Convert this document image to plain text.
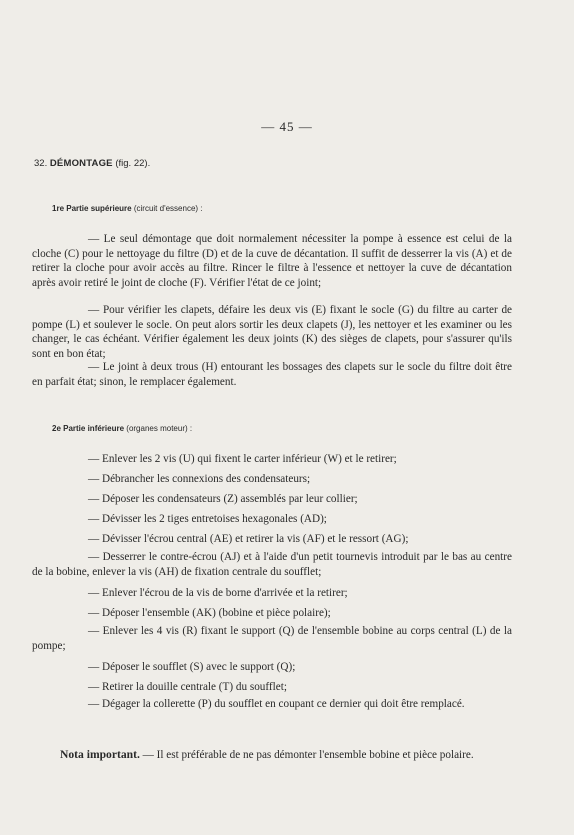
— 45 —
32. DÉMONTAGE (fig. 22).
1re Partie supérieure (circuit d'essence) :
— Le seul démontage que doit normalement nécessiter la pompe à essence est celui de la cloche (C) pour le nettoyage du filtre (D) et de la cuve de décantation. Il suffit de desserrer la vis (A) et de retirer la cloche pour avoir accès au filtre. Rincer le filtre à l'essence et nettoyer la cuve de décantation après avoir retiré le joint de cloche (F). Vérifier l'état de ce joint;
— Pour vérifier les clapets, défaire les deux vis (E) fixant le socle (G) du filtre au carter de pompe (L) et soulever le socle. On peut alors sortir les deux clapets (J), les nettoyer et les examiner ou les changer, le cas échéant. Vérifier également les deux joints (K) des sièges de clapets, pour s'assurer qu'ils sont en bon état;
— Le joint à deux trous (H) entourant les bossages des clapets sur le socle du filtre doit être en parfait état; sinon, le remplacer également.
2e Partie inférieure (organes moteur) :
— Enlever les 2 vis (U) qui fixent le carter inférieur (W) et le retirer;
— Débrancher les connexions des condensateurs;
— Déposer les condensateurs (Z) assemblés par leur collier;
— Dévisser les 2 tiges entretoises hexagonales (AD);
— Dévisser l'écrou central (AE) et retirer la vis (AF) et le ressort (AG);
— Desserrer le contre-écrou (AJ) et à l'aide d'un petit tournevis introduit par le bas au centre de la bobine, enlever la vis (AH) de fixation centrale du soufflet;
— Enlever l'écrou de la vis de borne d'arrivée et la retirer;
— Déposer l'ensemble (AK) (bobine et pièce polaire);
— Enlever les 4 vis (R) fixant le support (Q) de l'ensemble bobine au corps central (L) de la pompe;
— Déposer le soufflet (S) avec le support (Q);
— Retirer la douille centrale (T) du soufflet;
— Dégager la collerette (P) du soufflet en coupant ce dernier qui doit être remplacé.
Nota important. — Il est préférable de ne pas démonter l'ensemble bobine et pièce polaire.
